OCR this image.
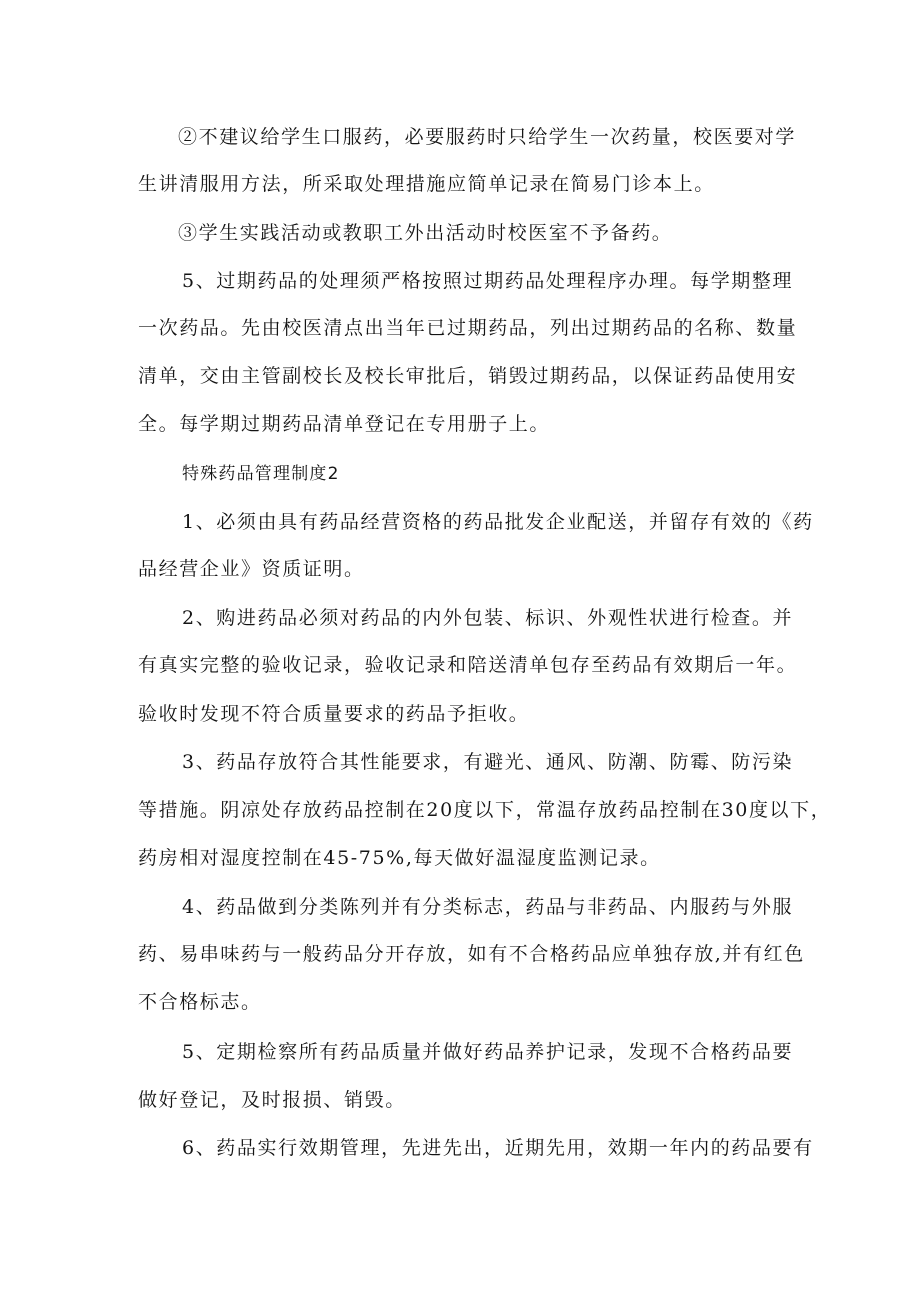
②不建议给学生口服药，必要服药时只给学生一次药量，校医要对学
生讲清服用方法，所采取处理措施应简单记录在简易门诊本上。
③学生实践活动或教职工外出活动时校医室不予备药。
5、过期药品的处理须严格按照过期药品处理程序办理。每学期整理
一次药品。先由校医清点出当年已过期药品，列出过期药品的名称、数量
清单，交由主管副校长及校长审批后，销毁过期药品，以保证药品使用安
全。每学期过期药品清单登记在专用册子上。
特殊药品管理制度2
1、必须由具有药品经营资格的药品批发企业配送，并留存有效的《药
品经营企业》资质证明。
2、购进药品必须对药品的内外包装、标识、外观性状进行检查。并
有真实完整的验收记录，验收记录和陪送清单包存至药品有效期后一年。
验收时发现不符合质量要求的药品予拒收。
3、药品存放符合其性能要求，有避光、通风、防潮、防霉、防污染
等措施。阴凉处存放药品控制在20度以下，常温存放药品控制在30度以下，
药房相对湿度控制在45-75%,每天做好温湿度监测记录。
4、药品做到分类陈列并有分类标志，药品与非药品、内服药与外服
药、易串味药与一般药品分开存放，如有不合格药品应单独存放,并有红色
不合格标志。
5、定期检察所有药品质量并做好药品养护记录，发现不合格药品要
做好登记，及时报损、销毁。
6、药品实行效期管理，先进先出，近期先用，效期一年内的药品要有
